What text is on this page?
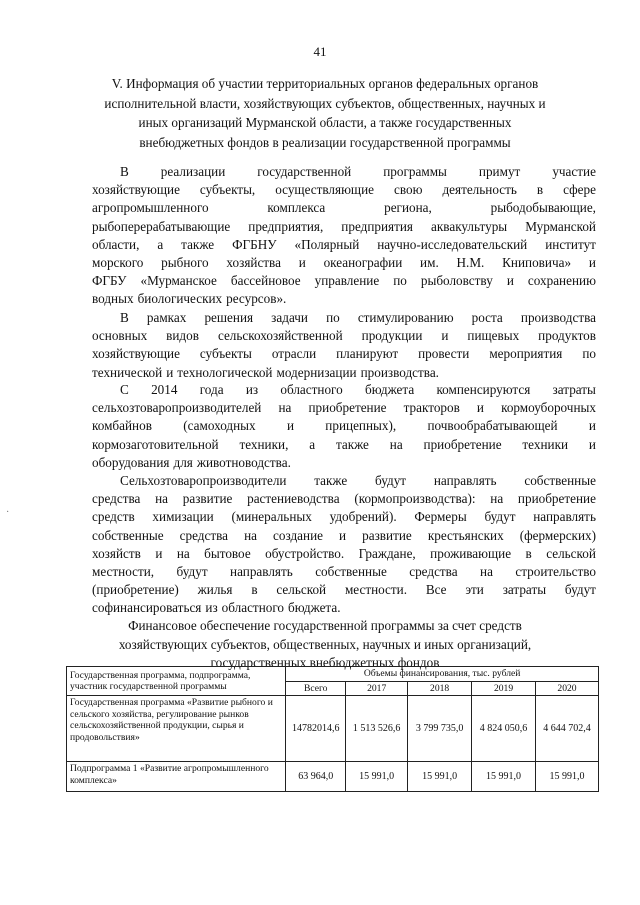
41
V. Информация об участии территориальных органов федеральных органов
исполнительной власти, хозяйствующих субъектов, общественных, научных и
иных организаций Мурманской области, а также государственных
внебюджетных фондов в реализации государственной программы
В реализации государственной программы примут участие
хозяйствующие субъекты, осуществляющие свою деятельность в сфере
агропромышленного	комплекса	региона,	рыбодобывающие,
рыбоперерабатывающие предприятия, предприятия аквакультуры Мурманской
области, а также ФГБНУ «Полярный научно-исследовательский институт
морского рыбного хозяйства и океанографии им. Н.М. Книповича» и
ФГБУ «Мурманское бассейновое управление по рыболовству и сохранению
водных биологических ресурсов».
В рамках решения задачи по стимулированию роста производства
основных видов сельскохозяйственной продукции и пищевых продуктов
хозяйствующие субъекты отрасли планируют провести мероприятия по
технической и технологической модернизации производства.
С 2014 года из областного бюджета компенсируются затраты
сельхозтоваропроизводителей на приобретение тракторов и кормоуборочных
комбайнов (самоходных и прицепных), почвообрабатывающей и
кормозаготовительной техники, а также на приобретение техники и
оборудования для животноводства.
Сельхозтоваропроизводители также будут направлять собственные
средства на развитие растениеводства (кормопроизводства): на приобретение
средств химизации (минеральных удобрений). Фермеры будут направлять
собственные средства на создание и развитие крестьянских (фермерских)
хозяйств и на бытовое обустройство. Граждане, проживающие в сельской
местности, будут направлять собственные средства на строительство
(приобретение) жилья в сельской местности. Все эти затраты будут
софинансироваться из областного бюджета.
Финансовое обеспечение государственной программы за счет средств
хозяйствующих субъектов, общественных, научных и иных организаций,
государственных внебюджетных фондов
Государственная программа, подпрограмма, участник государственной программы	Объемы финансирования, тыс. рублей				
	Всего	2017	2018	2019	2020
Государственная программа «Развитие рыбного и сельского хозяйства, регулирование рынков сельскохозяйственной продукции, сырья и продовольствия»	14782014,6	1 513 526,6	3 799 735,0	4 824 050,6	4 644 702,4
Подпрограмма 1 «Развитие агропромышленного комплекса»	63 964,0	15 991,0	15 991,0	15 991,0	15 991,0
·
